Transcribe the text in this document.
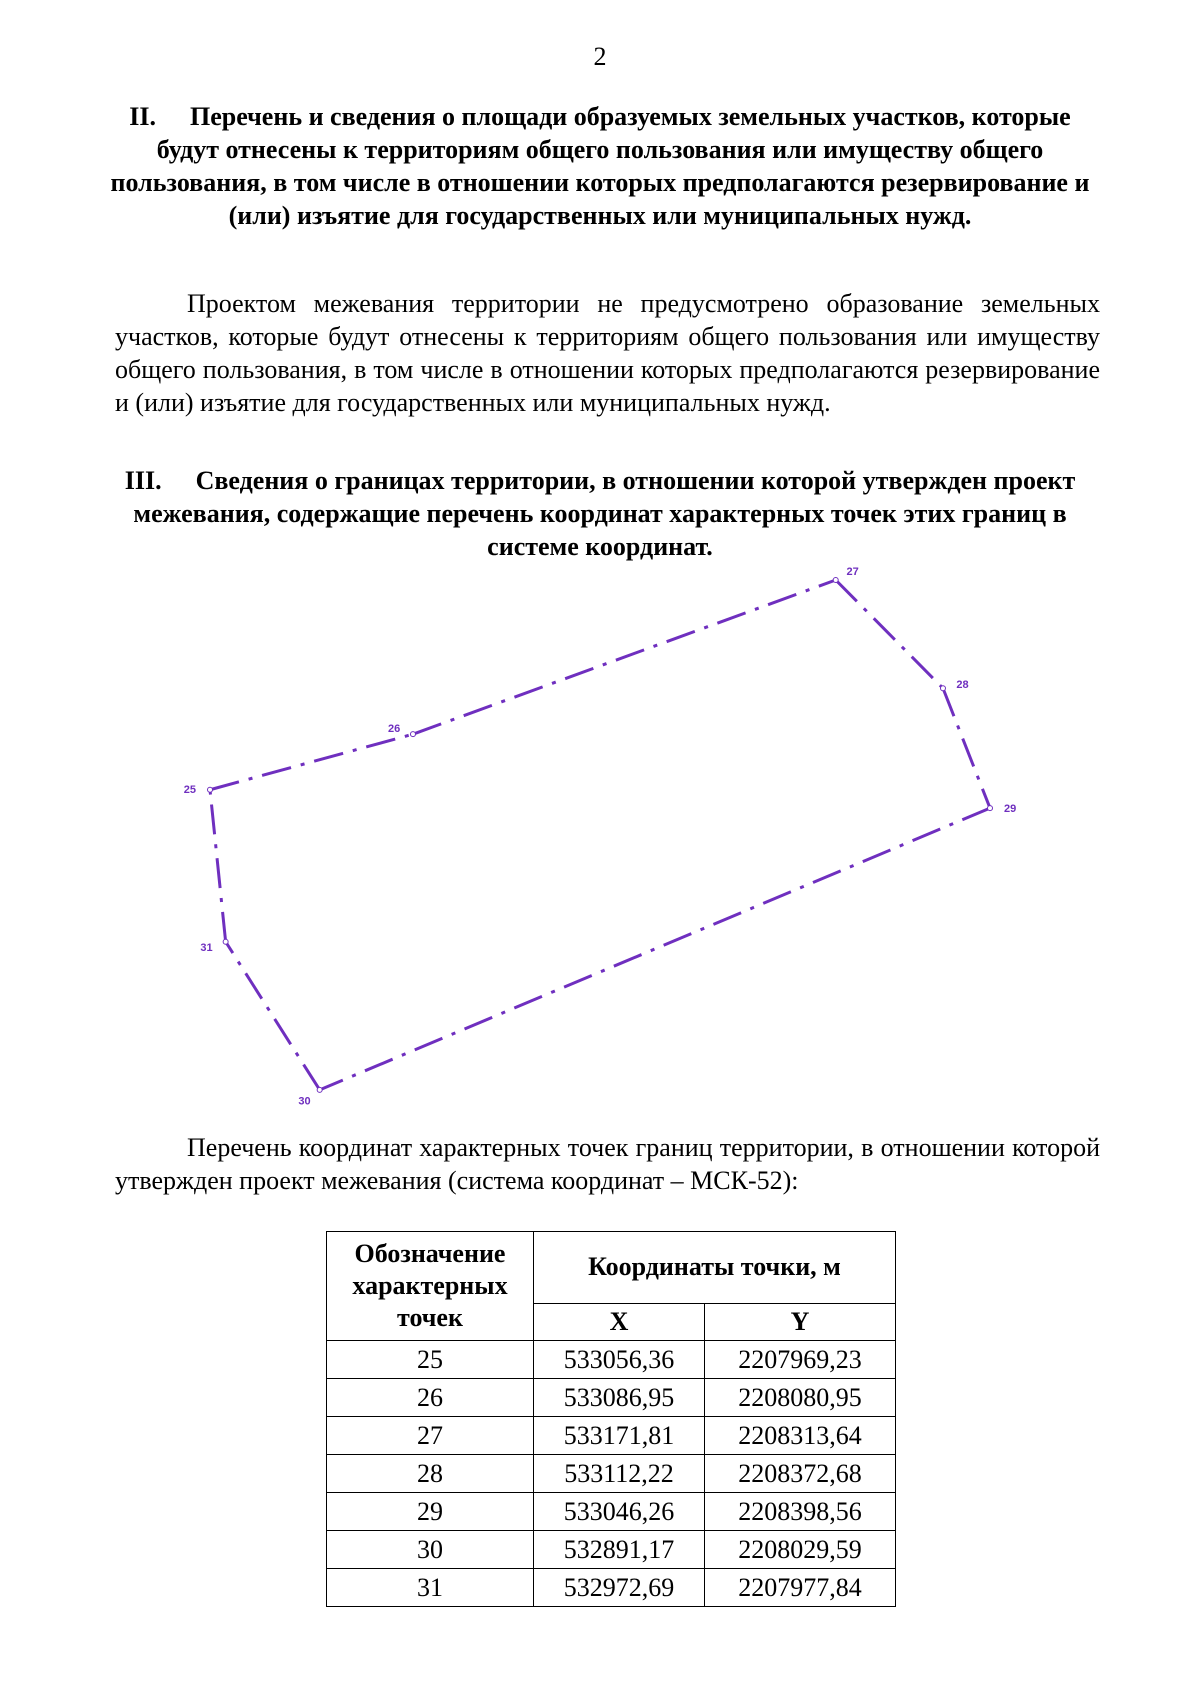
2
II. Перечень и сведения о площади образуемых земельных участков, которые будут отнесены к территориям общего пользования или имуществу общего пользования, в том числе в отношении которых предполагаются резервирование и (или) изъятие для государственных или муниципальных нужд.
Проектом межевания территории не предусмотрено образование земельных участков, которые будут отнесены к территориям общего пользования или имуществу общего пользования, в том числе в отношении которых предполагаются резервирование и (или) изъятие для государственных или муниципальных нужд.
III. Сведения о границах территории, в отношении которой утвержден проект межевания, содержащие перечень координат характерных точек этих границ в системе координат.
25
26
27
28
29
30
31
Перечень координат характерных точек границ территории, в отношении которой утвержден проект межевания (система координат – МСК-52):
Обозначение характерных точек	Координаты точки, м	
	X	Y
25	533056,36	2207969,23
26	533086,95	2208080,95
27	533171,81	2208313,64
28	533112,22	2208372,68
29	533046,26	2208398,56
30	532891,17	2208029,59
31	532972,69	2207977,84
